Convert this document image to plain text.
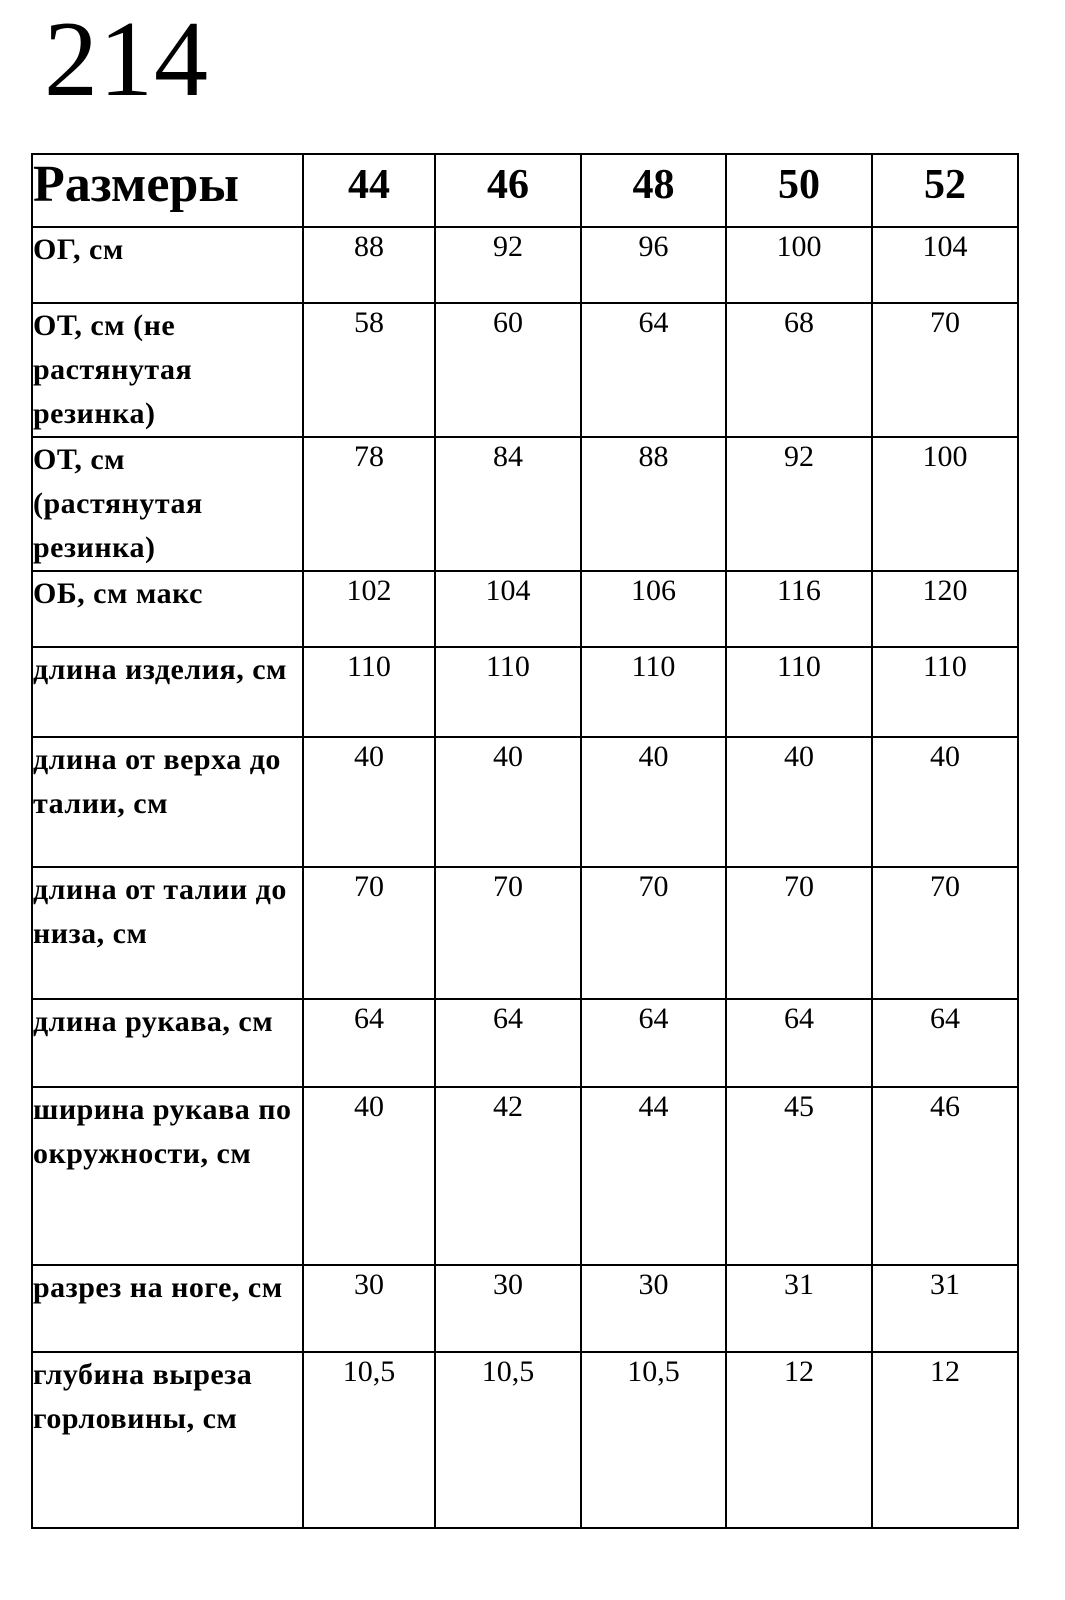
214
Размеры	44	46	48	50	52
ОГ, см	88	92	96	100	104
ОТ, см (не растянутая резинка)	58	60	64	68	70
ОТ, см (растянутая резинка)	78	84	88	92	100
ОБ, см макс	102	104	106	116	120
длина изделия, см	110	110	110	110	110
длина от верха до талии, см	40	40	40	40	40
длина от талии до низа, см	70	70	70	70	70
длина рукава, см	64	64	64	64	64
ширина рукава по окружности, см	40	42	44	45	46
разрез на ноге, см	30	30	30	31	31
глубина выреза горловины, см	10,5	10,5	10,5	12	12
